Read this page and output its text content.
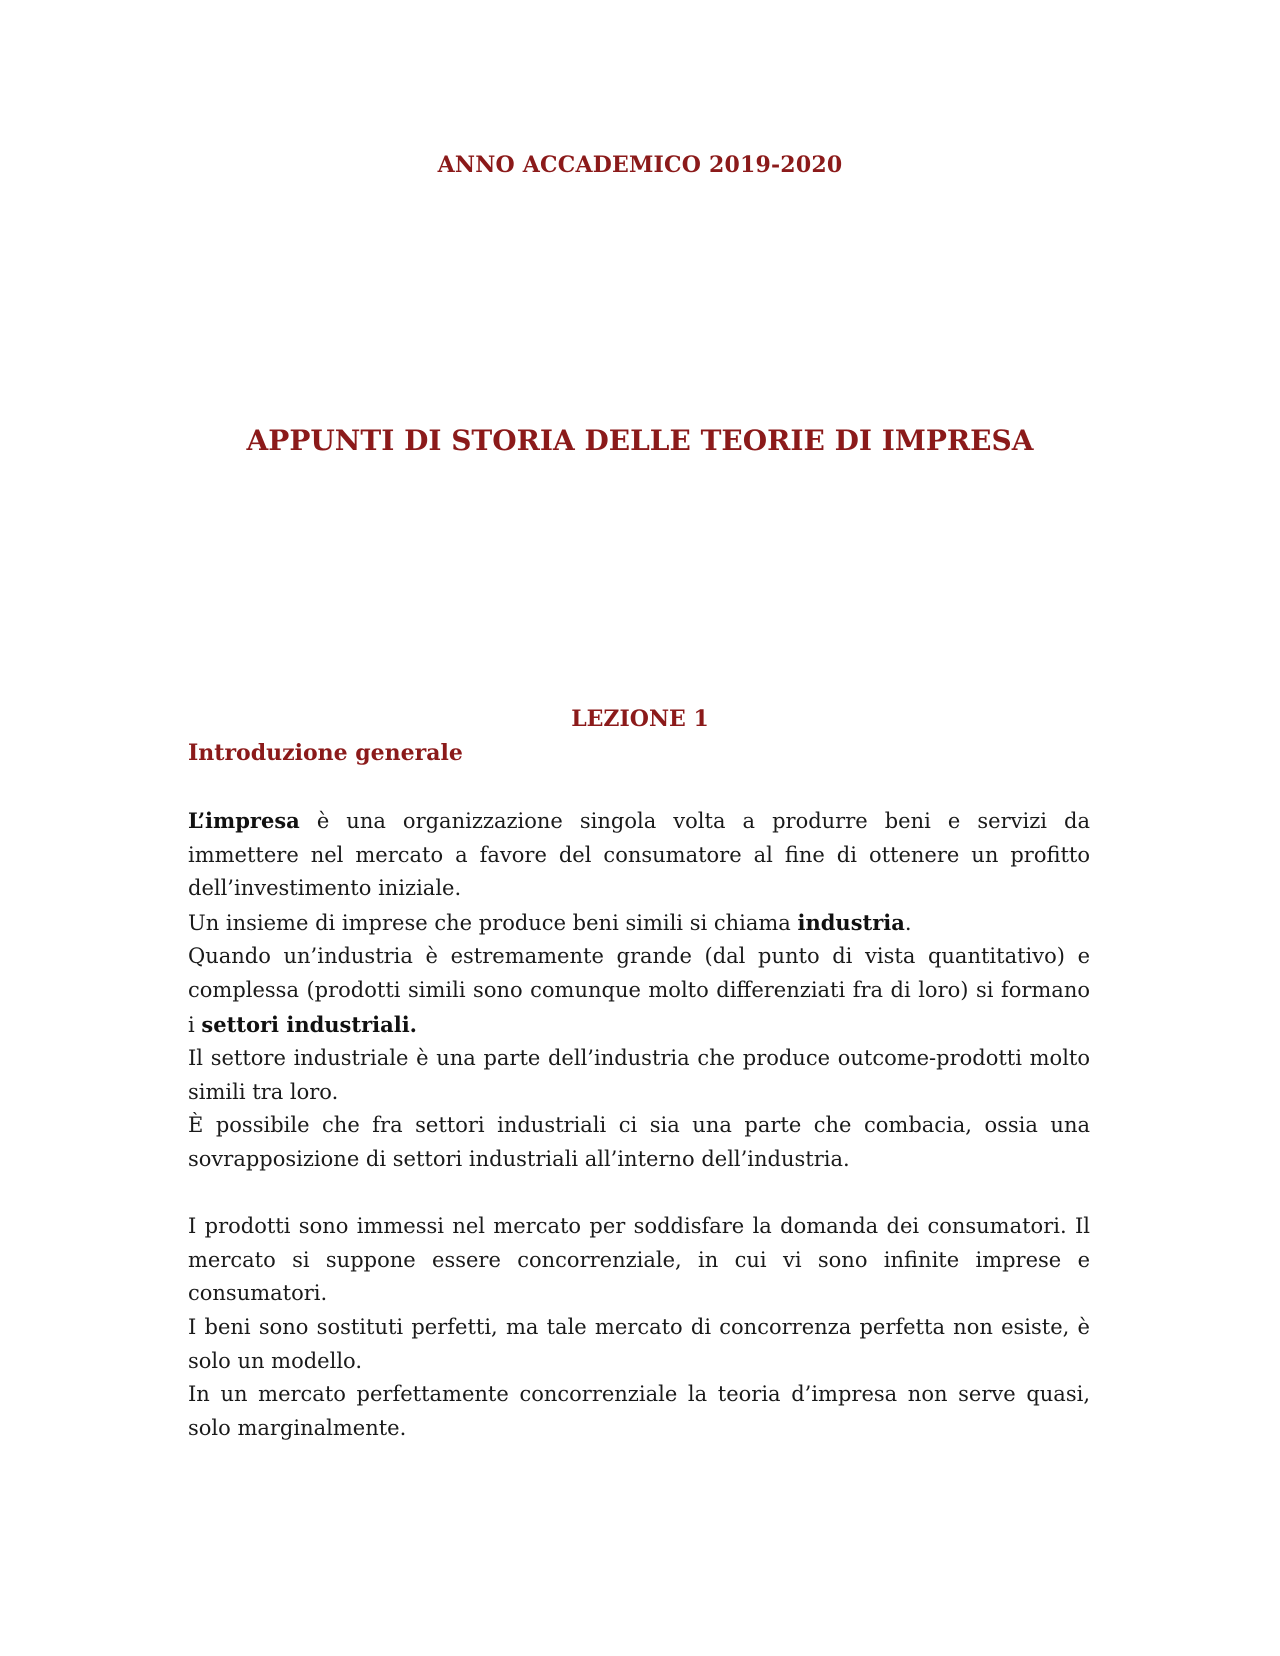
ANNO ACCADEMICO 2019-2020
APPUNTI DI STORIA DELLE TEORIE DI IMPRESA
LEZIONE 1
Introduzione generale

L’impresa è una organizzazione singola volta a produrre beni e servizi da immettere nel mercato a favore del consumatore al fine di ottenere un profitto dell’investimento iniziale.

Un insieme di imprese che produce beni simili si chiama industria.

Quando un’industria è estremamente grande (dal punto di vista quantitativo) e complessa (prodotti simili sono comunque molto differenziati fra di loro) si formano i settori industriali.

Il settore industriale è una parte dell’industria che produce outcome-prodotti molto simili tra loro.

È possibile che fra settori industriali ci sia una parte che combacia, ossia una sovrapposizione di settori industriali all’interno dell’industria.

I prodotti sono immessi nel mercato per soddisfare la domanda dei consumatori. Il mercato si suppone essere concorrenziale, in cui vi sono infinite imprese e consumatori.

I beni sono sostituti perfetti, ma tale mercato di concorrenza perfetta non esiste, è solo un modello.

In un mercato perfettamente concorrenziale la teoria d’impresa non serve quasi, solo marginalmente.
